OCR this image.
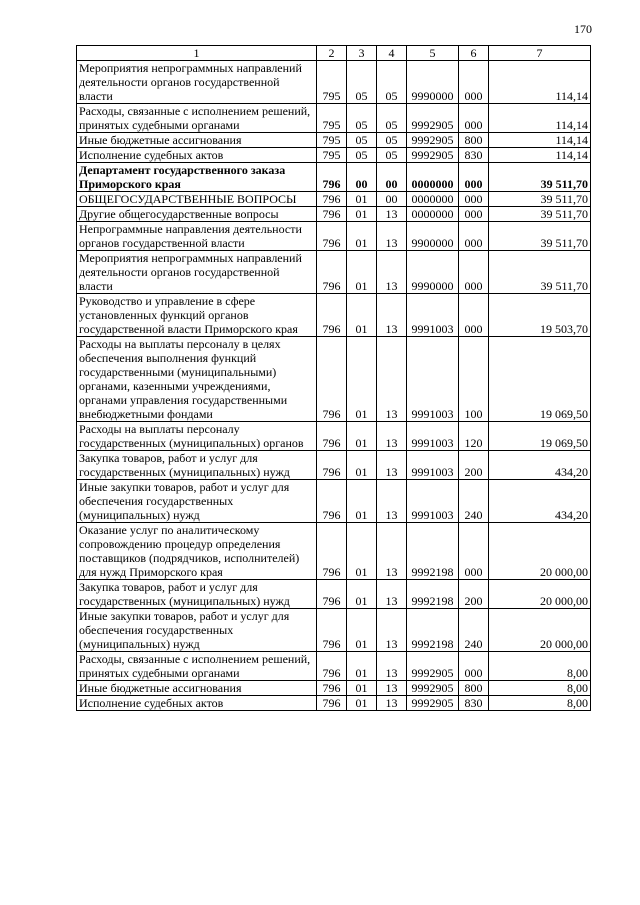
170
1	2	3	4	5	6	7
Мероприятия непрограммных направлений деятельности органов государственной власти	795	05	05	9990000	000	114,14
Расходы, связанные с исполнением решений, принятых судебными органами	795	05	05	9992905	000	114,14
Иные бюджетные ассигнования	795	05	05	9992905	800	114,14
Исполнение судебных актов	795	05	05	9992905	830	114,14
Департамент государственного заказа Приморского края	796	00	00	0000000	000	39 511,70
ОБЩЕГОСУДАРСТВЕННЫЕ ВОПРОСЫ	796	01	00	0000000	000	39 511,70
Другие общегосударственные вопросы	796	01	13	0000000	000	39 511,70
Непрограммные направления деятельности органов государственной власти	796	01	13	9900000	000	39 511,70
Мероприятия непрограммных направлений деятельности органов государственной власти	796	01	13	9990000	000	39 511,70
Руководство и управление в сфере установленных функций органов государственной власти Приморского края	796	01	13	9991003	000	19 503,70
Расходы на выплаты персоналу в целях обеспечения выполнения функций государственными (муниципальными) органами, казенными учреждениями, органами управления государственными внебюджетными фондами	796	01	13	9991003	100	19 069,50
Расходы на выплаты персоналу государственных (муниципальных) органов	796	01	13	9991003	120	19 069,50
Закупка товаров, работ и услуг для государственных (муниципальных) нужд	796	01	13	9991003	200	434,20
Иные закупки товаров, работ и услуг для обеспечения государственных (муниципальных) нужд	796	01	13	9991003	240	434,20
Оказание услуг по аналитическому сопровождению процедур определения поставщиков (подрядчиков, исполнителей) для нужд Приморского края	796	01	13	9992198	000	20 000,00
Закупка товаров, работ и услуг для государственных (муниципальных) нужд	796	01	13	9992198	200	20 000,00
Иные закупки товаров, работ и услуг для обеспечения государственных (муниципальных) нужд	796	01	13	9992198	240	20 000,00
Расходы, связанные с исполнением решений, принятых судебными органами	796	01	13	9992905	000	8,00
Иные бюджетные ассигнования	796	01	13	9992905	800	8,00
Исполнение судебных актов	796	01	13	9992905	830	8,00
